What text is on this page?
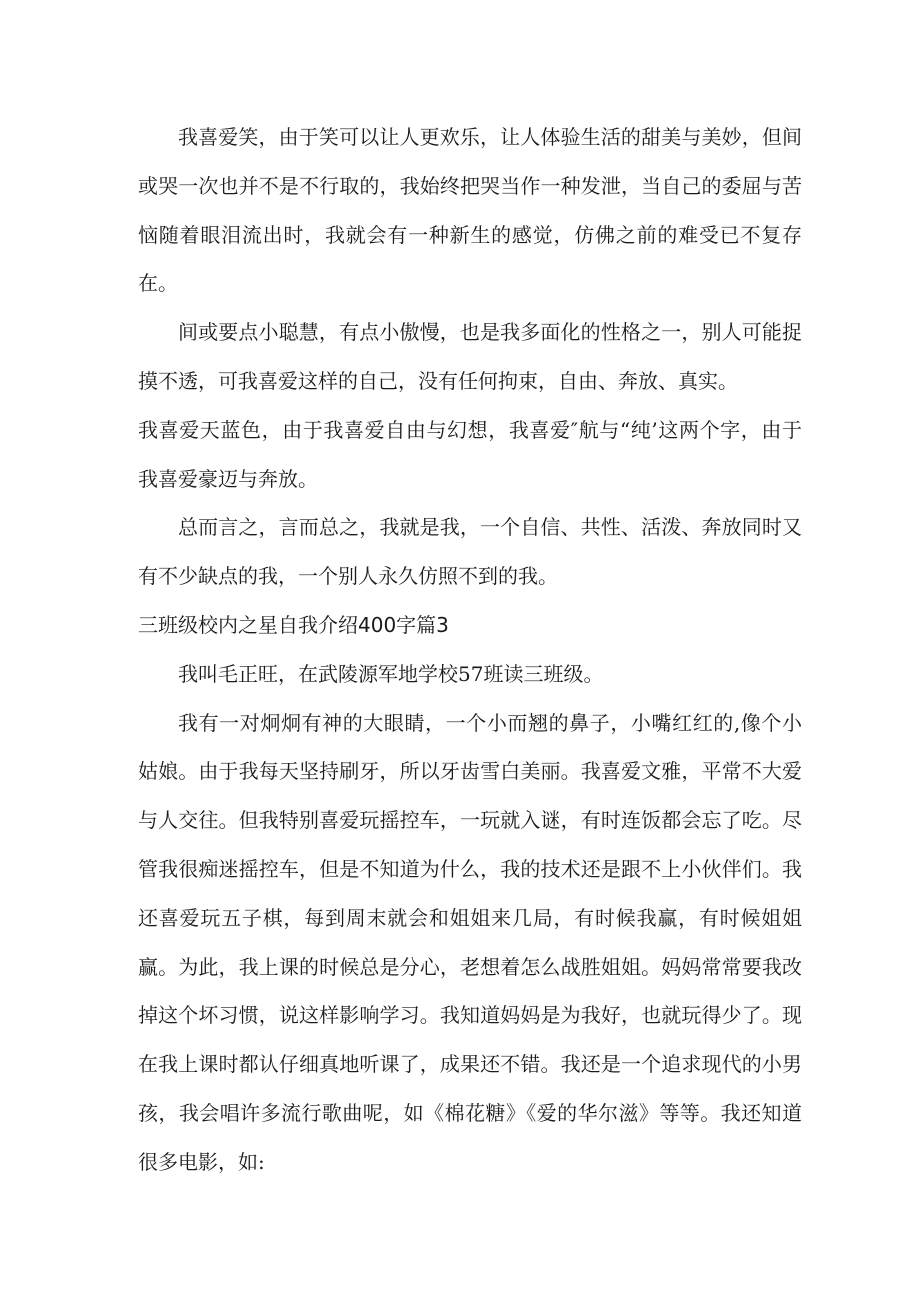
我喜爱笑，由于笑可以让人更欢乐，让人体验生活的甜美与美妙，但间或哭一次也并不是不行取的，我始终把哭当作一种发泄，当自己的委屈与苦恼随着眼泪流出时，我就会有一种新生的感觉，仿佛之前的难受已不复存在。

间或要点小聪慧，有点小傲慢，也是我多面化的性格之一，别人可能捉摸不透，可我喜爱这样的自己，没有任何拘束，自由、奔放、真实。

我喜爱天蓝色，由于我喜爱自由与幻想，我喜爱″航与“纯’这两个字，由于我喜爱豪迈与奔放。

总而言之，言而总之，我就是我，一个自信、共性、活泼、奔放同时又有不少缺点的我，一个别人永久仿照不到的我。

三班级校内之星自我介绍400字篇3

我叫毛正旺，在武陵源军地学校57班读三班级。

我有一对炯炯有神的大眼睛，一个小而翘的鼻子，小嘴红红的,像个小姑娘。由于我每天坚持刷牙，所以牙齿雪白美丽。我喜爱文雅，平常不大爱与人交往。但我特别喜爱玩摇控车，一玩就入谜，有时连饭都会忘了吃。尽管我很痴迷摇控车，但是不知道为什么，我的技术还是跟不上小伙伴们。我还喜爱玩五子棋，每到周末就会和姐姐来几局，有时候我赢，有时候姐姐赢。为此，我上课的时候总是分心，老想着怎么战胜姐姐。妈妈常常要我改掉这个坏习惯，说这样影响学习。我知道妈妈是为我好，也就玩得少了。现在我上课时都认仔细真地听课了，成果还不错。我还是一个追求现代的小男孩，我会唱许多流行歌曲呢，如《棉花糖》《爱的华尔滋》等等。我还知道很多电影，如:
